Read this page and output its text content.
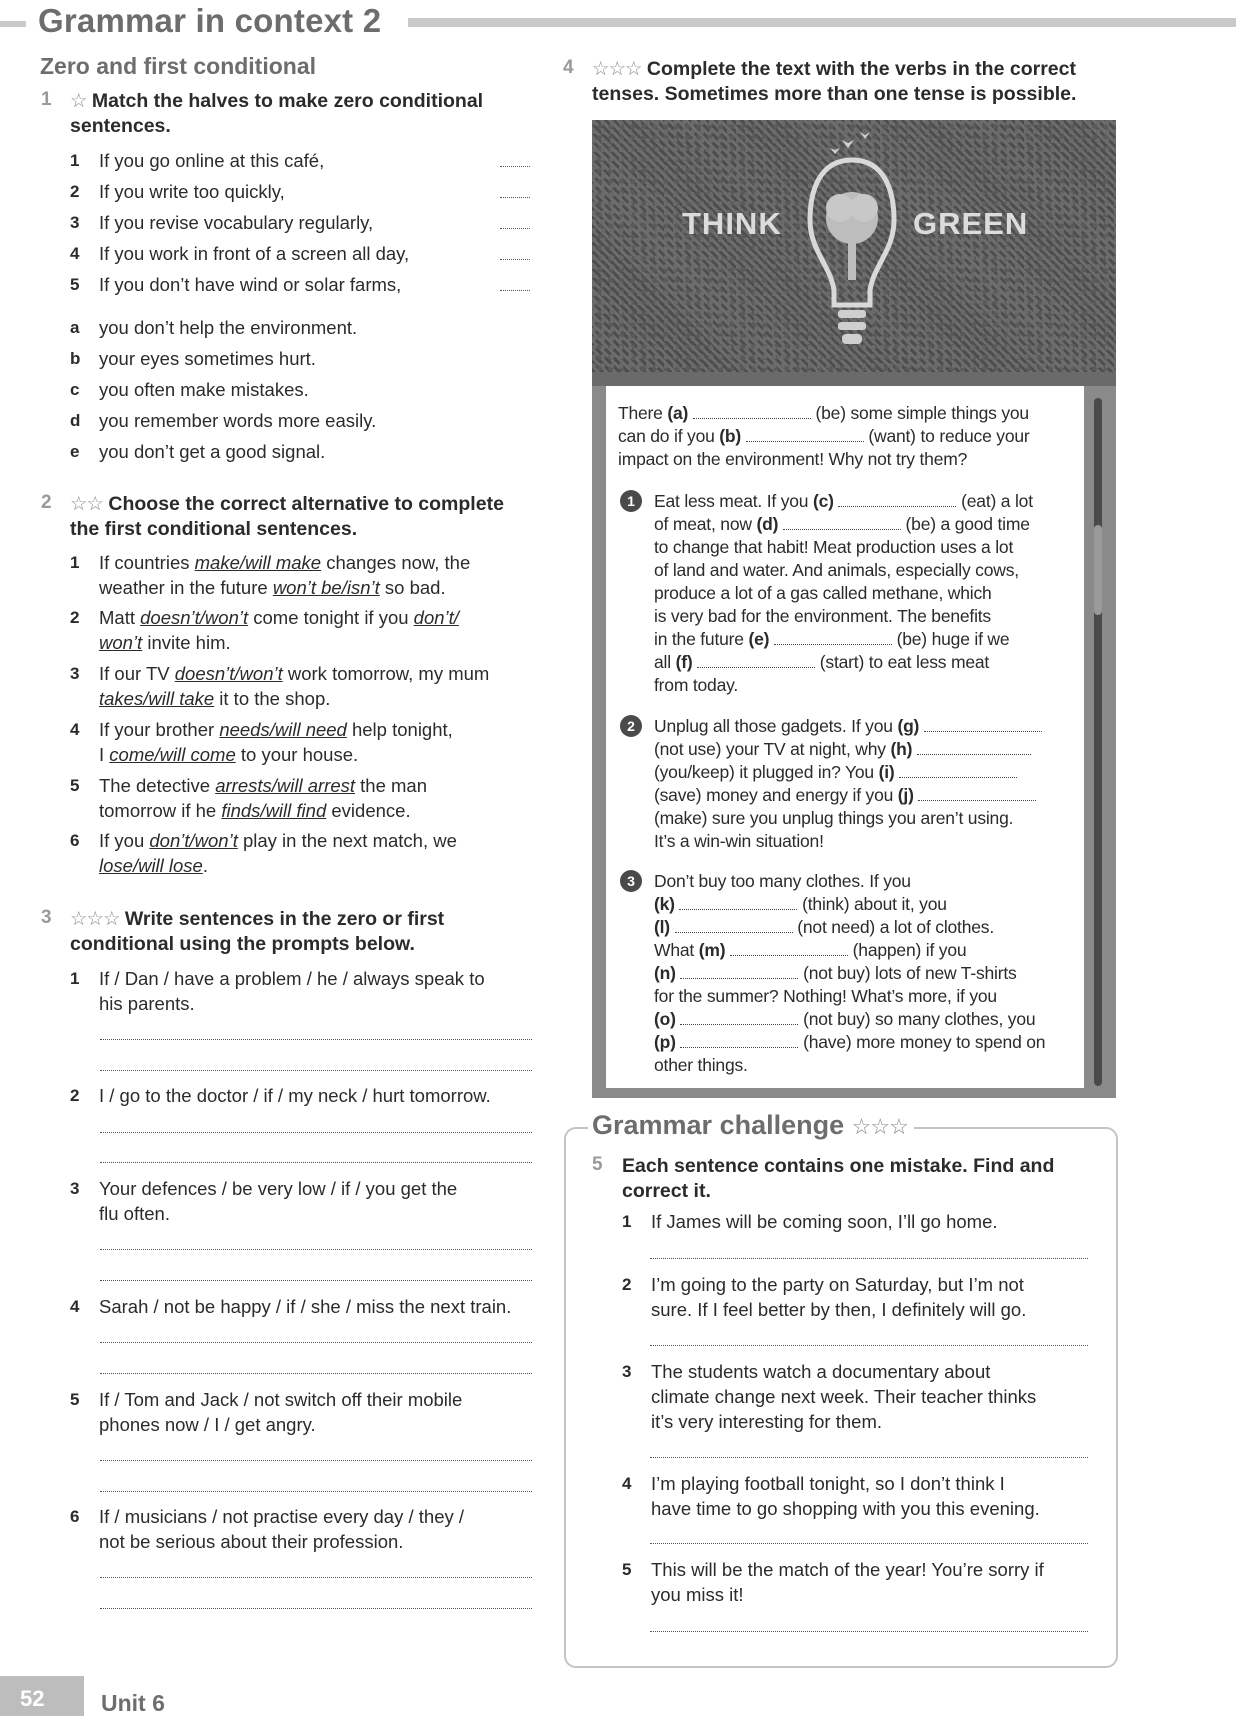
Grammar in context 2
Zero and first conditional
1 ☆ Match the halves to make zero conditional
sentences.
1 If you go online at this café,
2 If you write too quickly,
3 If you revise vocabulary regularly,
4 If you work in front of a screen all day,
5 If you don’t have wind or solar farms,
a you don’t help the environment.
b your eyes sometimes hurt.
c you often make mistakes.
d you remember words more easily.
e you don’t get a good signal.
2 ☆☆ Choose the correct alternative to complete
the first conditional sentences.
1 If countries make/will make changes now, the
weather in the future won’t be/isn’t so bad.
2 Matt doesn’t/won’t come tonight if you don’t/
won’t invite him.
3 If our TV doesn’t/won’t work tomorrow, my mum
takes/will take it to the shop.
4 If your brother needs/will need help tonight,
I come/will come to your house.
5 The detective arrests/will arrest the man
tomorrow if he finds/will find evidence.
6 If you don’t/won’t play in the next match, we
lose/will lose.
3 ☆☆☆ Write sentences in the zero or first
conditional using the prompts below.
1 If / Dan / have a problem / he / always speak to
his parents.
2 I / go to the doctor / if / my neck / hurt tomorrow.
3 Your defences / be very low / if / you get the
flu often.
4 Sarah / not be happy / if / she / miss the next train.
5 If / Tom and Jack / not switch off their mobile
phones now / I / get angry.
6 If / musicians / not practise every day / they /
not be serious about their profession.
4 ☆☆☆ Complete the text with the verbs in the correct
tenses. Sometimes more than one tense is possible.
THINK	GREEN
There (a)	(be) some simple things you
can do if you (b)	(want) to reduce your
impact on the environment! Why not try them?
1	Eat less meat. If you (c)	(eat) a lot
of meat, now (d)	(be) a good time
to change that habit! Meat production uses a lot
of land and water. And animals, especially cows,
produce a lot of a gas called methane, which
is very bad for the environment. The benefits
in the future (e)	(be) huge if we
all (f)	(start) to eat less meat
from today.
2	Unplug all those gadgets. If you (g)
(not use) your TV at night, why (h)
(you/keep) it plugged in? You (i)
(save) money and energy if you (j)
(make) sure you unplug things you aren’t using.
It’s a win-win situation!
3	Don’t buy too many clothes. If you
(k)	(think) about it, you
(l)	(not need) a lot of clothes.
What (m)	(happen) if you
(n)	(not buy) lots of new T-shirts
for the summer? Nothing! What’s more, if you
(o)	(not buy) so many clothes, you
(p)	(have) more money to spend on
other things.
Grammar challenge ☆☆☆
5 Each sentence contains one mistake. Find and
correct it.
1 If James will be coming soon, I’ll go home.
2 I’m going to the party on Saturday, but I’m not
sure. If I feel better by then, I definitely will go.
3 The students watch a documentary about
climate change next week. Their teacher thinks
it’s very interesting for them.
4 I’m playing football tonight, so I don’t think I
have time to go shopping with you this evening.
5 This will be the match of the year! You’re sorry if
you miss it!
52 Unit 6
